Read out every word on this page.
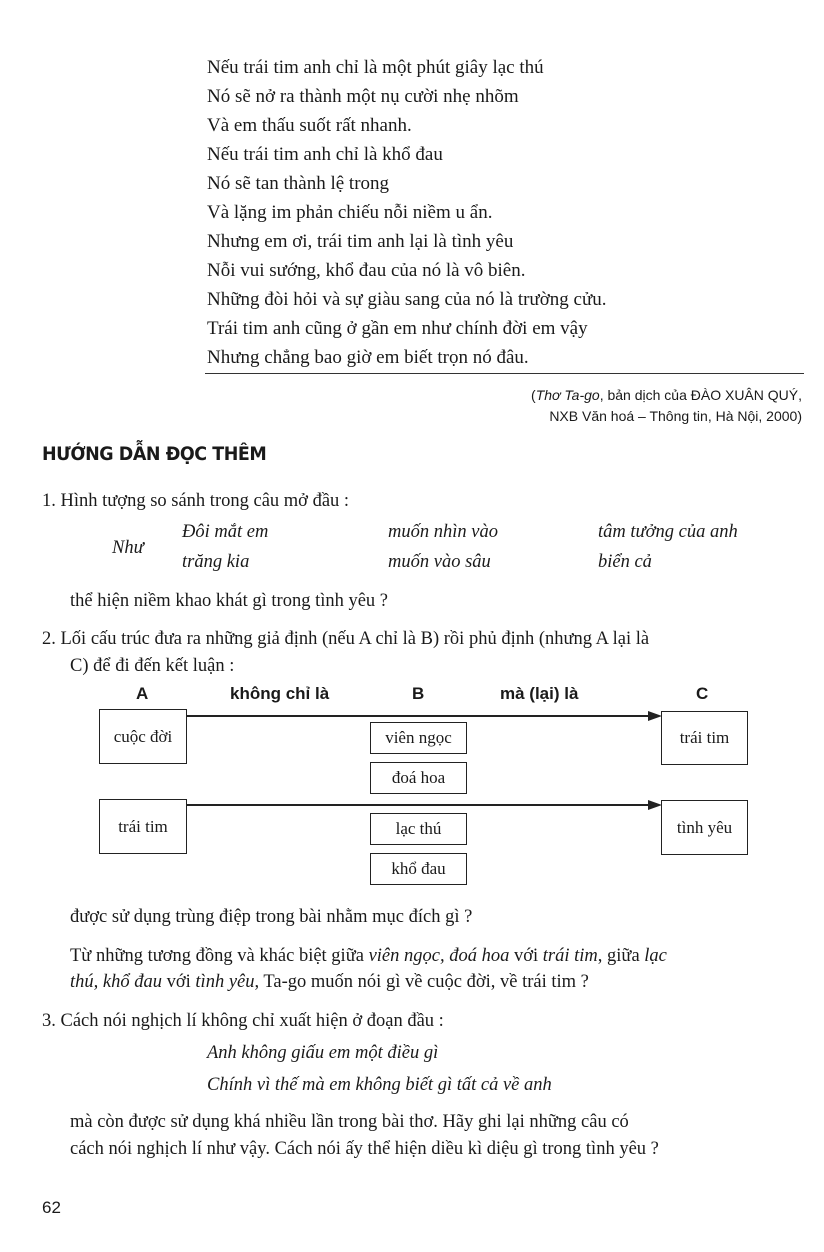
Nếu trái tim anh chỉ là một phút giây lạc thú
Nó sẽ nở ra thành một nụ cười nhẹ nhõm
Và em thấu suốt rất nhanh.
Nếu trái tim anh chỉ là khổ đau
Nó sẽ tan thành lệ trong
Và lặng im phản chiếu nỗi niềm u ẩn.
Nhưng em ơi, trái tim anh lại là tình yêu
Nỗi vui sướng, khổ đau của nó là vô biên.
Những đòi hỏi và sự giàu sang của nó là trường cửu.
Trái tim anh cũng ở gần em như chính đời em vậy
Nhưng chẳng bao giờ em biết trọn nó đâu.
(Thơ Ta-go, bản dịch của ĐÀO XUÂN QUÝ,
NXB Văn hoá – Thông tin, Hà Nội, 2000)
HƯỚNG DẪN ĐỌC THÊM
1. Hình tượng so sánh trong câu mở đầu :
Như
Đôi mắt em	muốn nhìn vào	tâm tưởng của anh
trăng kia	muốn vào sâu	biển cả
thể hiện niềm khao khát gì trong tình yêu ?
2. Lối cấu trúc đưa ra những giả định (nếu A chỉ là B) rồi phủ định (nhưng A lại là
C) để đi đến kết luận :
A	không chỉ là	B	mà (lại) là	C
cuộc đời	viên ngọc
đoá hoa
trái tim
trái tim	lạc thú
khổ đau
tình yêu
được sử dụng trùng điệp trong bài nhằm mục đích gì ?
Từ những tương đồng và khác biệt giữa viên ngọc, đoá hoa với trái tim, giữa lạc
thú, khổ đau với tình yêu, Ta-go muốn nói gì về cuộc đời, về trái tim ?
3. Cách nói nghịch lí không chỉ xuất hiện ở đoạn đầu :
Anh không giấu em một điều gì
Chính vì thế mà em không biết gì tất cả về anh
mà còn được sử dụng khá nhiều lần trong bài thơ. Hãy ghi lại những câu có
cách nói nghịch lí như vậy. Cách nói ấy thể hiện diều kì diệu gì trong tình yêu ?
62
